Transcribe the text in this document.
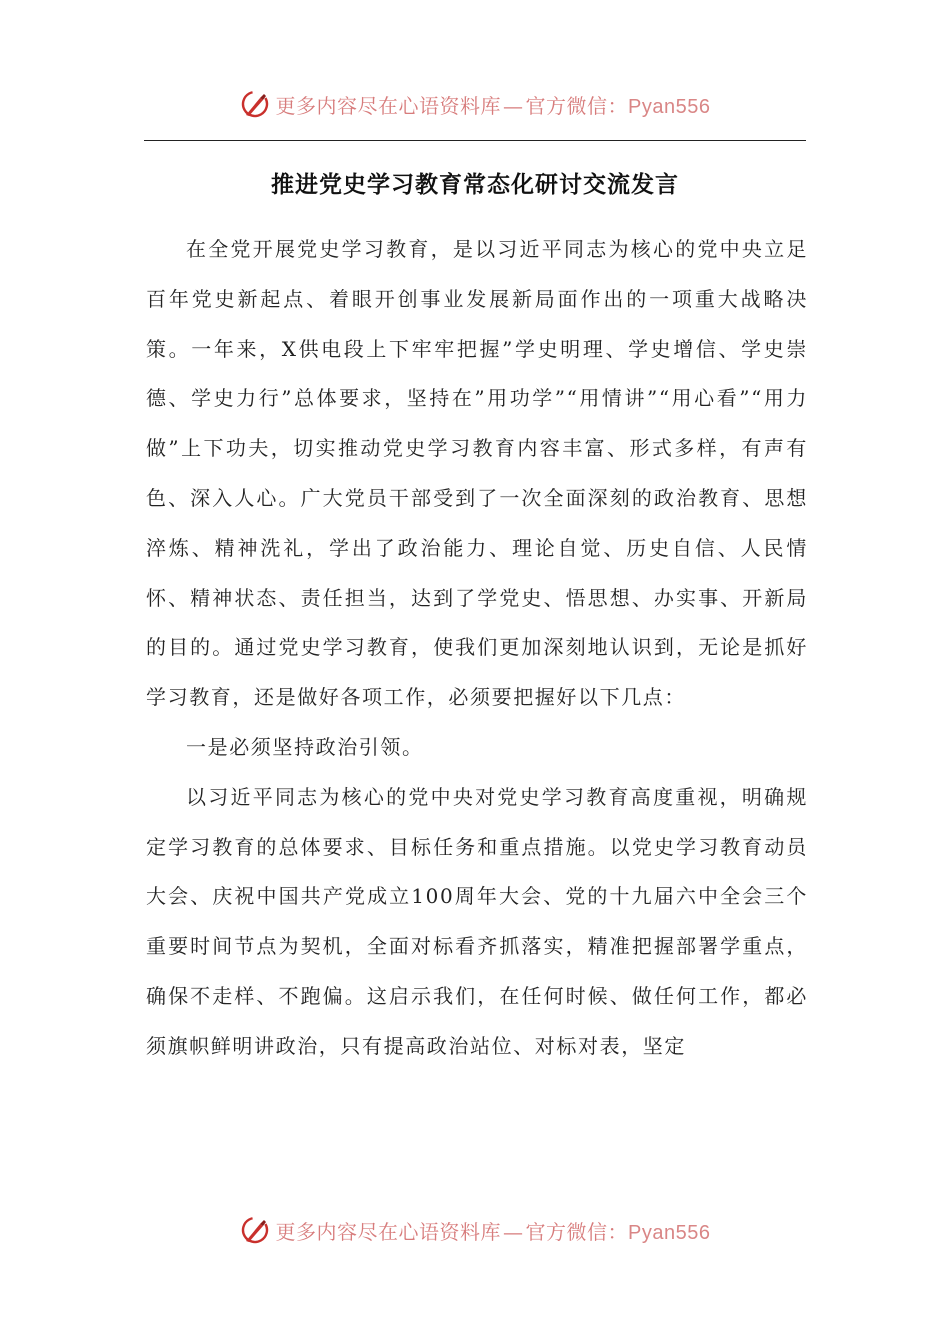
更多内容尽在心语资料库 — 官方微信：Pyan556
推进党史学习教育常态化研讨交流发言

在全党开展党史学习教育，是以习近平同志为核心的党中央立足百年党史新起点、着眼开创事业发展新局面作出的一项重大战略决策。一年来，X供电段上下牢牢把握”学史明理、学史增信、学史崇德、学史力行”总体要求，坚持在”用功学”“用情讲”“用心看”“用力做”上下功夫，切实推动党史学习教育内容丰富、形式多样，有声有色、深入人心。广大党员干部受到了一次全面深刻的政治教育、思想淬炼、精神洗礼，学出了政治能力、理论自觉、历史自信、人民情怀、精神状态、责任担当，达到了学党史、悟思想、办实事、开新局的目的。通过党史学习教育，使我们更加深刻地认识到，无论是抓好学习教育，还是做好各项工作，必须要把握好以下几点：

一是必须坚持政治引领。

以习近平同志为核心的党中央对党史学习教育高度重视，明确规定学习教育的总体要求、目标任务和重点措施。以党史学习教育动员大会、庆祝中国共产党成立100周年大会、党的十九届六中全会三个重要时间节点为契机，全面对标看齐抓落实，精准把握部署学重点，确保不走样、不跑偏。这启示我们，在任何时候、做任何工作，都必须旗帜鲜明讲政治，只有提高政治站位、对标对表，坚定

更多内容尽在心语资料库 — 官方微信：Pyan556
